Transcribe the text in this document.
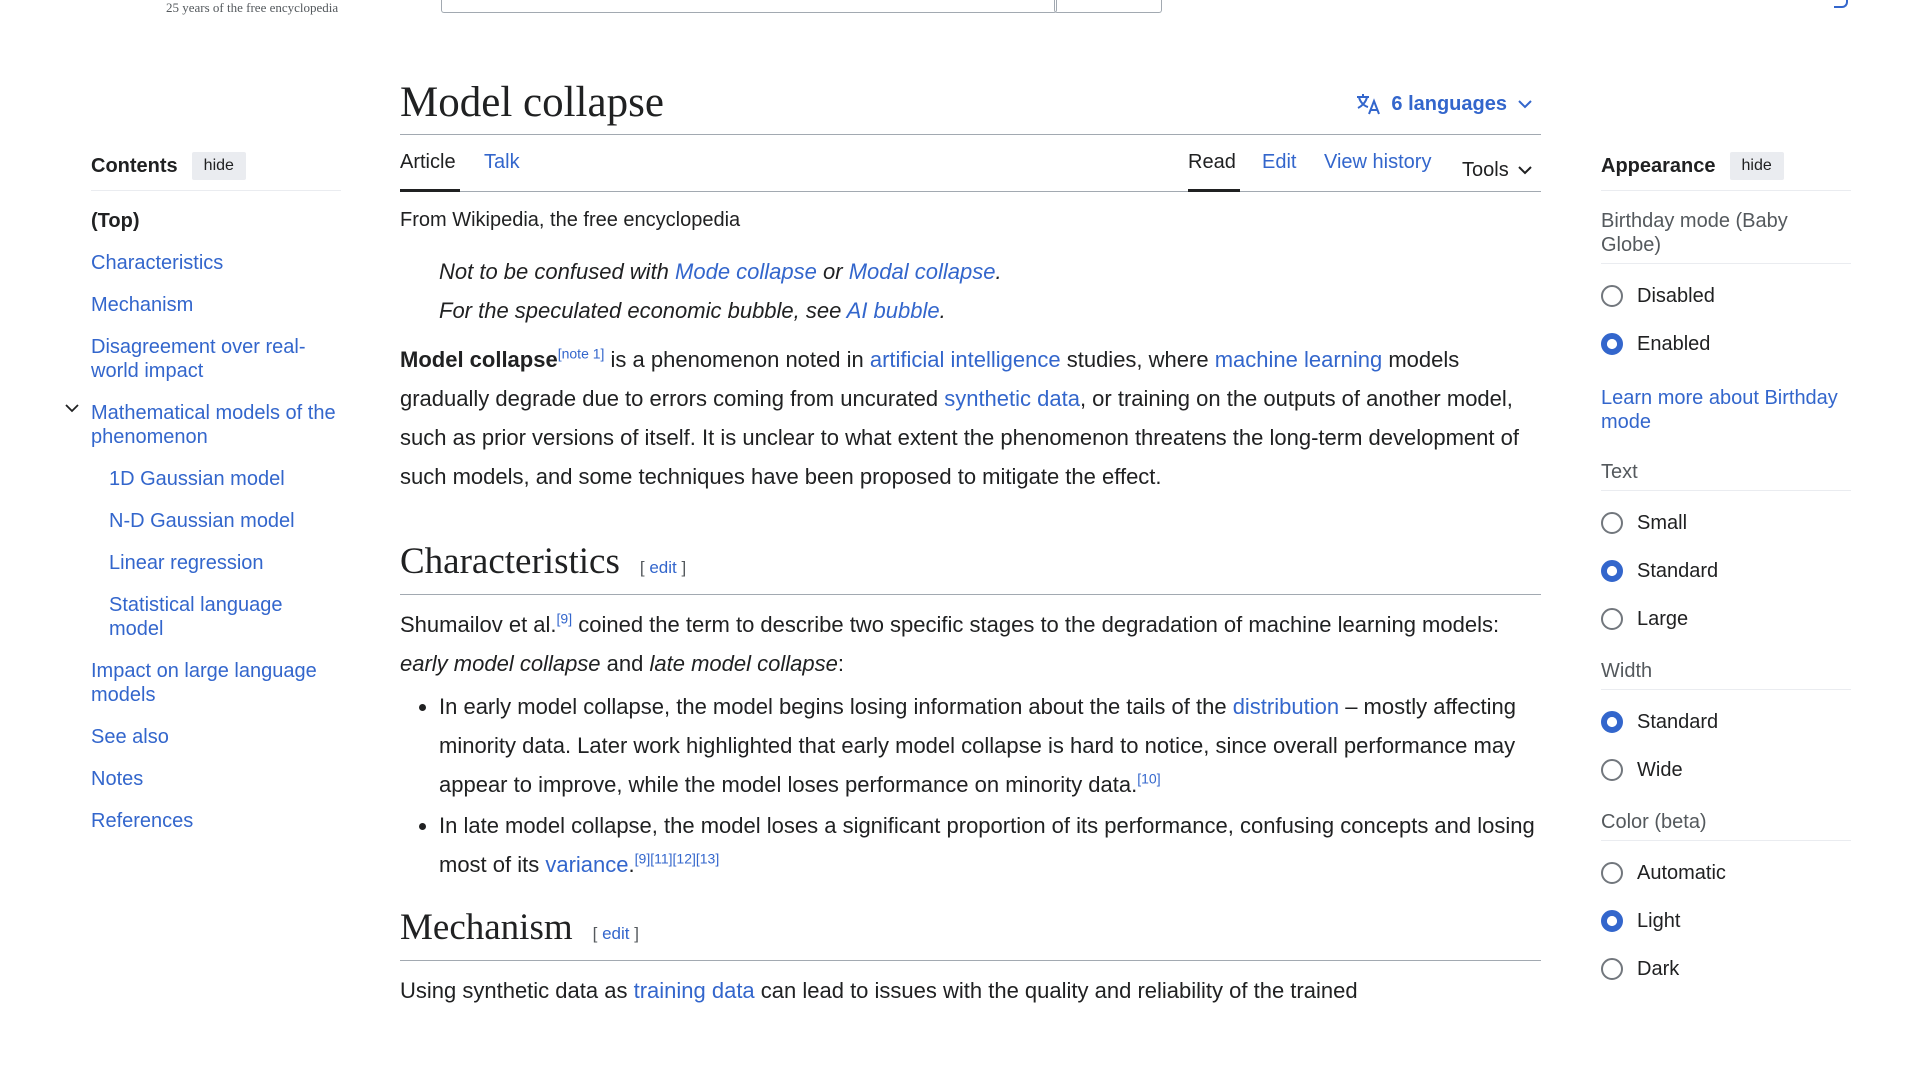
25 years of the free encyclopedia
Contents	hide
(Top)
Characteristics
Mechanism
Disagreement over real-world impact
Mathematical models of the phenomenon
1D Gaussian model
N-D Gaussian model
Linear regression
Statistical language model
Impact on large language models
See also
Notes
References
Model collapse	6 languages
Article Talk	Read Edit View history Tools
From Wikipedia, the free encyclopedia
Not to be confused with Mode collapse or Modal collapse.
For the speculated economic bubble, see AI bubble.

Model collapse[note 1] is a phenomenon noted in artificial intelligence studies, where machine learning models gradually degrade due to errors coming from uncurated synthetic data, or training on the outputs of another model, such as prior versions of itself. It is unclear to what extent the phenomenon threatens the long-term development of such models, and some techniques have been proposed to mitigate the effect.

Characteristics [ edit ]

Shumailov et al.[9] coined the term to describe two specific stages to the degradation of machine learning models: early model collapse and late model collapse:

• In early model collapse, the model begins losing information about the tails of the distribution – mostly affecting minority data. Later work highlighted that early model collapse is hard to notice, since overall performance may appear to improve, while the model loses performance on minority data.[10]
• In late model collapse, the model loses a significant proportion of its performance, confusing concepts and losing most of its variance.[9][11][12][13]
Mechanism [ edit ]

Using synthetic data as training data can lead to issues with the quality and reliability of the trained

Appearance	hide
Birthday mode (Baby Globe)
Disabled
Enabled
Learn more about Birthday mode
Text
Small
Standard
Large
Width
Standard
Wide
Color (beta)
Automatic
Light
Dark
